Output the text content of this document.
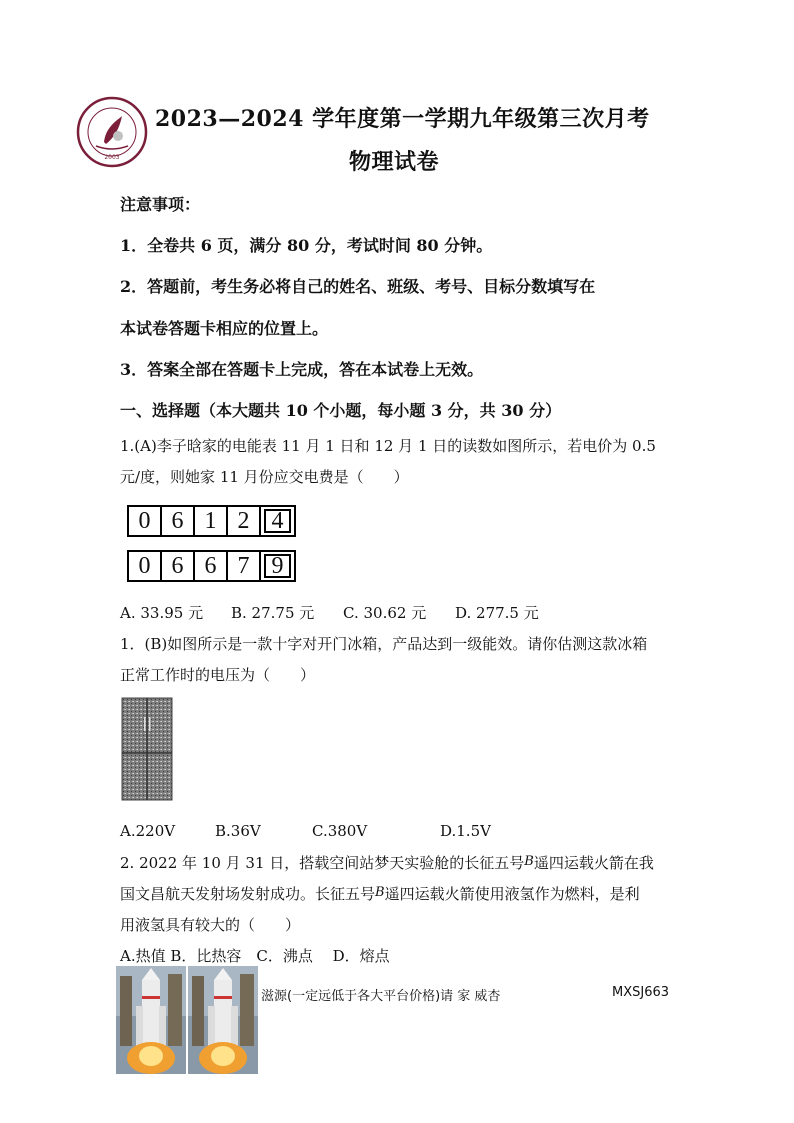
2003
2023—2024 学年度第一学期九年级第三次月考
物理试卷
注意事项：
1．全卷共 6 页，满分 80 分，考试时间 80 分钟。
2．答题前，考生务必将自己的姓名、班级、考号、目标分数填写在
本试卷答题卡相应的位置上。
3．答案全部在答题卡上完成，答在本试卷上无效。
一、选择题（本大题共 10 个小题，每小题 3 分，共 30 分）
1.(A)李子晗家的电能表 11 月 1 日和 12 月 1 日的读数如图所示，若电价为 0.5
元/度，则她家 11 月份应交电费是（　　）
0 6 1 2 4
0 6 6 7 9
A. 33.95 元 B. 27.75 元 C. 30.62 元 D. 277.5 元
1．(B)如图所示是一款十字对开门冰箱，产品达到一级能效。请你估测这款冰箱
正常工作时的电压为（　　）
A.220V	B.36V	C.380V	D.1.5V
2. 2022 年 10 月 31 日，搭载空间站梦天实验舱的长征五号B遥四运载火箭在我
国文昌航天发射场发射成功。长征五号B遥四运载火箭使用液氢作为燃料，是利
用液氢具有较大的（　　）
A.热值 B．比热容　C．沸点　 D．熔点
滋源(一定远低于各大平台价格)请 家 威杏	MXSJ663
